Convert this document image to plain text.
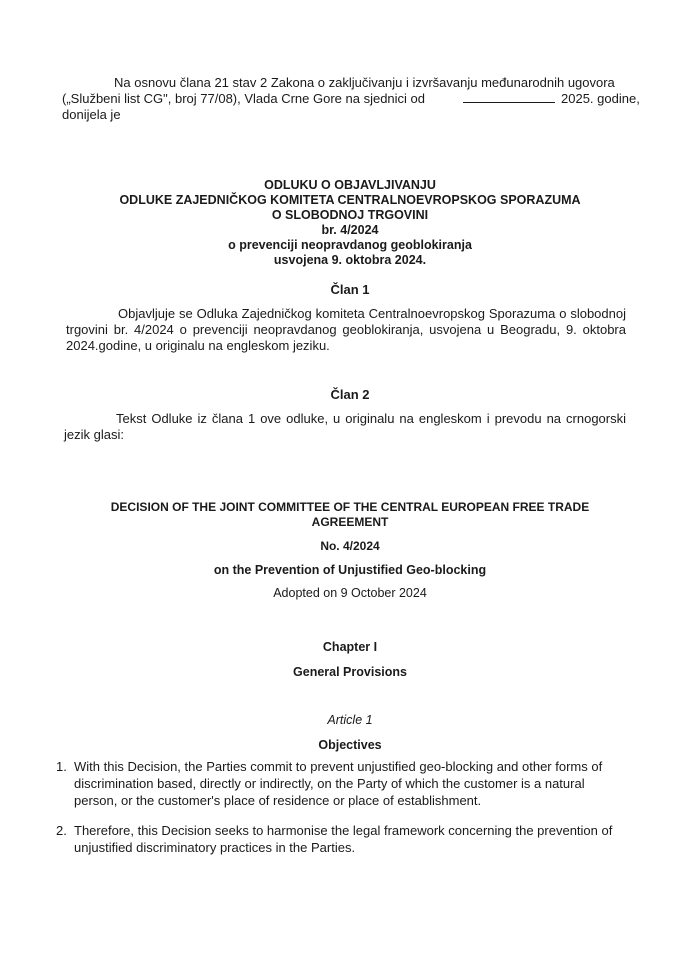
Na osnovu člana 21 stav 2 Zakona o zaključivanju i izvršavanju međunarodnih ugovora
(„Službeni list CG", broj 77/08), Vlada Crne Gore na sjednici od	2025. godine,
donijela je
ODLUKU O OBJAVLJIVANJU
ODLUKE ZAJEDNIČKOG KOMITETA CENTRALNOEVROPSKOG SPORAZUMA
O SLOBODNOJ TRGOVINI
br. 4/2024
o prevenciji neopravdanog geoblokiranja
usvojena 9. oktobra 2024.
Član 1
Objavljuje se Odluka Zajedničkog komiteta Centralnoevropskog Sporazuma o slobodnoj trgovini br. 4/2024 o prevenciji neopravdanog geoblokiranja, usvojena u Beogradu, 9. oktobra 2024.godine, u originalu na engleskom jeziku.
Član 2
Tekst Odluke iz člana 1 ove odluke, u originalu na engleskom i prevodu na crnogorski jezik glasi:
DECISION OF THE JOINT COMMITTEE OF THE CENTRAL EUROPEAN FREE TRADE
AGREEMENT
No. 4/2024
on the Prevention of Unjustified Geo-blocking
Adopted on 9 October 2024
Chapter I
General Provisions
Article 1
Objectives
1. With this Decision, the Parties commit to prevent unjustified geo-blocking and other forms of discrimination based, directly or indirectly, on the Party of which the customer is a natural person, or the customer's place of residence or place of establishment.
2. Therefore, this Decision seeks to harmonise the legal framework concerning the prevention of unjustified discriminatory practices in the Parties.
